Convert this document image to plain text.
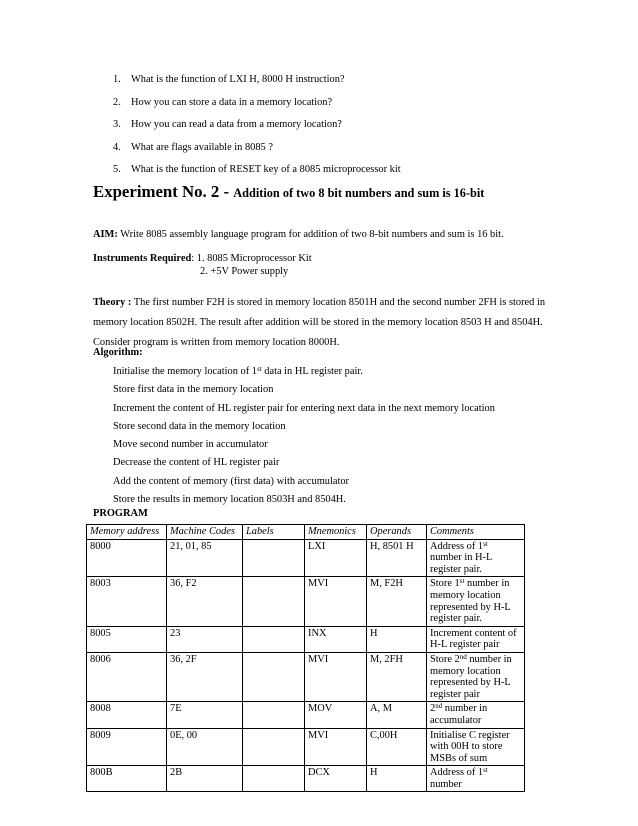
1. What is the function of LXI H, 8000 H instruction?
2. How you can store a data in a memory location?
3. How you can read a data from a memory location?
4. What are flags available in 8085 ?
5. What is the function of RESET key of a 8085 microprocessor kit
Experiment No. 2 - Addition of two 8 bit numbers and sum is 16-bit
AIM: Write 8085 assembly language program for addition of two 8-bit numbers and sum is 16 bit.
Instruments Required: 1. 8085 Microprocessor Kit
2. +5V Power supply
Theory : The first number F2H is stored in memory location 8501H and the second number 2FH is stored in memory location 8502H. The result after addition will be stored in the memory location 8503 H and 8504H. Consider program is written from memory location 8000H.
Algorithm:
Initialise the memory location of 1st data in HL register pair.
Store first data in the memory location
Increment the content of HL register pair for entering next data in the next memory location
Store second data in the memory location
Move second number in accumulator
Decrease the content of HL register pair
Add the content of memory (first data) with accumulator
Store the results in memory location 8503H and 8504H.
PROGRAM
Memory address	Machine Codes	Labels	Mnemonics	Operands	Comments
8000	21, 01, 85		LXI	H, 8501 H	Address of 1st number in H-L register pair.
8003	36, F2		MVI	M, F2H	Store 1st number in memory location represented by H-L register pair.
8005	23		INX	H	Increment content of H-L register pair
8006	36, 2F		MVI	M, 2FH	Store 2nd number in memory location represented by H-L register pair
8008	7E		MOV	A, M	2nd number in accumulator
8009	0E, 00		MVI	C,00H	Initialise C register with 00H to store MSBs of sum
800B	2B		DCX	H	Address of 1st number
